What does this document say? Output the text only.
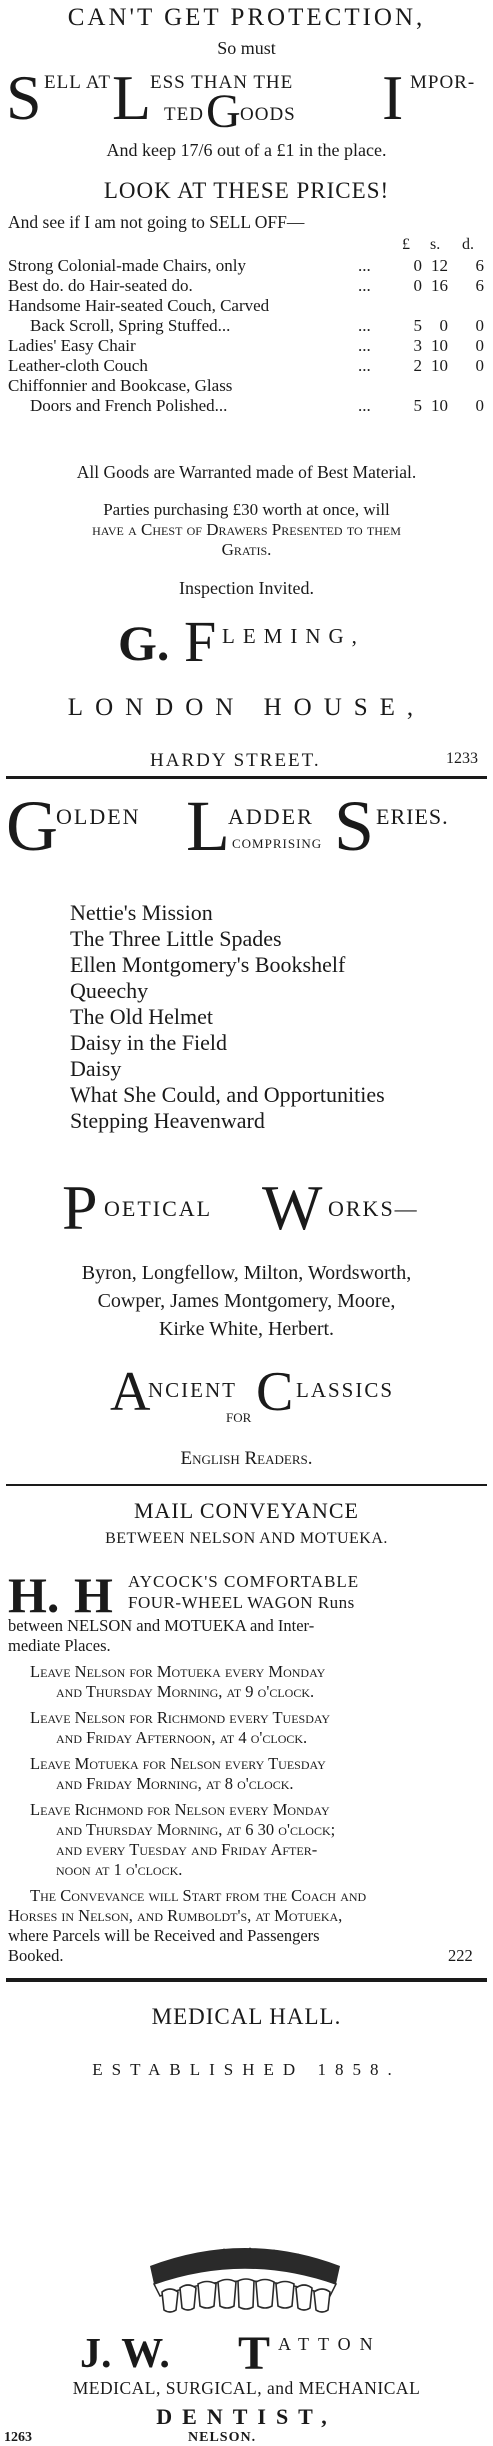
CAN'T GET PROTECTION,
So must
S ELL AT L
ESS THAN THE I MPOR-
TED G OODS
And keep 17/6 out of a £1 in the place.
LOOK AT THESE PRICES!
And see if I am not going to SELL OFF—
£ s. d.
Strong Colonial-made Chairs, only	...	0 12	6
Best do. do Hair-seated do.	...	0 16	6
Handsome Hair-seated Couch, Carved
Back Scroll, Spring Stuffed...	...	5	0	0
Ladies' Easy Chair	...	3 10	0
Leather-cloth Couch	...	2 10	0
Chiffonnier and Bookcase, Glass
Doors and French Polished...	...	5 10	0
All Goods are Warranted made of Best Material.
Parties purchasing £30 worth at once, will
have a Chest of Drawers Presented to them
Gratis.
Inspection Invited.
G. F LEMING,
LONDON HOUSE,
HARDY STREET.	1233
G
OLDEN L
ADDER
COMPRISING S ERIES.
Nettie's Mission
The Three Little Spades
Ellen Montgomery's Bookshelf
Queechy
The Old Helmet
Daisy in the Field
Daisy
What She Could, and Opportunities
Stepping Heavenward
P OETICAL W ORKS—
Byron, Longfellow, Milton, Wordsworth,
Cowper, James Montgomery, Moore,
Kirke White, Herbert.
A
NCIENT
FOR C LASSICS
English Readers.
MAIL CONVEYANCE
BETWEEN NELSON AND MOTUEKA.
H. H AYCOCK'S COMFORTABLE
FOUR-WHEEL WAGON Runs
between NELSON and MOTUEKA and Inter-
mediate Places.
Leave Nelson for Motueka every Monday
and Thursday Morning, at 9 o'clock.
Leave Nelson for Richmond every Tuesday
and Friday Afternoon, at 4 o'clock.
Leave Motueka for Nelson every Tuesday
and Friday Morning, at 8 o'clock.
Leave Richmond for Nelson every Monday
and Thursday Morning, at 6 30 o'clock;
and every Tuesday and Friday After-
noon at 1 o'clock.
The Convevance will Start from the Coach and
Horses in Nelson, and Rumboldt's, at Motueka,
where Parcels will be Received and Passengers
Booked.	222
MEDICAL HALL.
ESTABLISHED 1858.
J. W. T ATTON
MEDICAL, SURGICAL, and MECHANICAL
DENTIST,
1263	NELSON.
